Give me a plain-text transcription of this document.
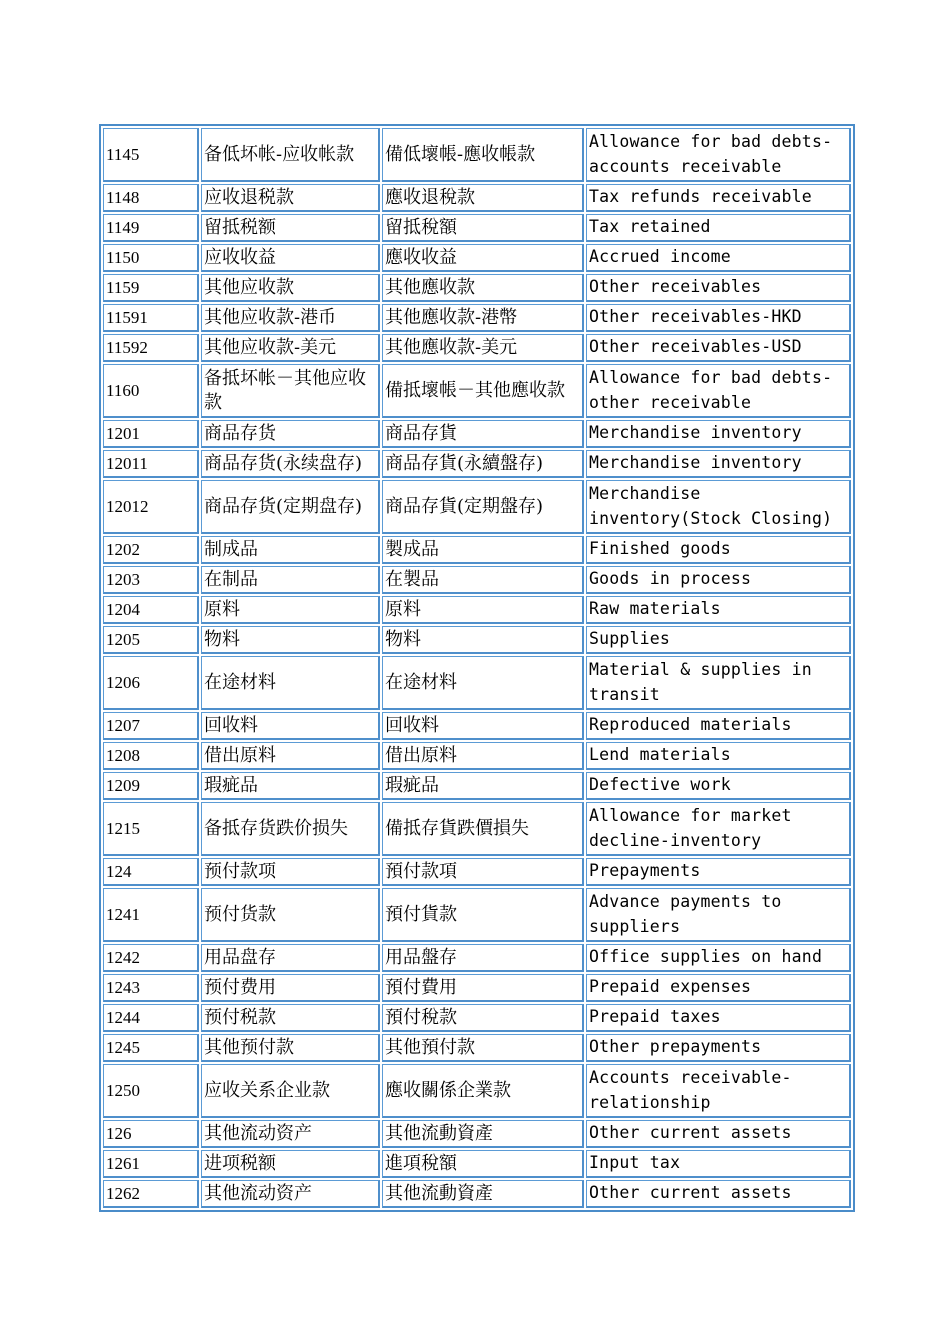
1145	备低坏帐-应收帐款	備低壞帳-應收帳款	Allowance for bad debts-accounts receivable
1148	应收退税款	應收退稅款	Tax refunds receivable
1149	留抵税额	留抵稅額	Tax retained
1150	应收收益	應收收益	Accrued income
1159	其他应收款	其他應收款	Other receivables
11591	其他应收款-港币	其他應收款-港幣	Other receivables-HKD
11592	其他应收款-美元	其他應收款-美元	Other receivables-USD
1160	备抵坏帐－其他应收款	備抵壞帳－其他應收款	Allowance for bad debts-other receivable
1201	商品存货	商品存貨	Merchandise inventory
12011	商品存货(永续盘存)	商品存貨(永續盤存)	Merchandise inventory
12012	商品存货(定期盘存)	商品存貨(定期盤存)	Merchandise inventory(Stock Closing)
1202	制成品	製成品	Finished goods
1203	在制品	在製品	Goods in process
1204	原料	原料	Raw materials
1205	物料	物料	Supplies
1206	在途材料	在途材料	Material & supplies in transit
1207	回收料	回收料	Reproduced materials
1208	借出原料	借出原料	Lend materials
1209	瑕疵品	瑕疵品	Defective work
1215	备抵存货跌价损失	備抵存貨跌價損失	Allowance for market decline-inventory
124	预付款项	預付款項	Prepayments
1241	预付货款	預付貨款	Advance payments to suppliers
1242	用品盘存	用品盤存	Office supplies on hand
1243	预付费用	預付費用	Prepaid expenses
1244	预付税款	預付稅款	Prepaid taxes
1245	其他预付款	其他預付款	Other prepayments
1250	应收关系企业款	應收關係企業款	Accounts receivable-relationship
126	其他流动资产	其他流動資產	Other current assets
1261	进项税额	進項稅額	Input tax
1262	其他流动资产	其他流動資產	Other current assets
